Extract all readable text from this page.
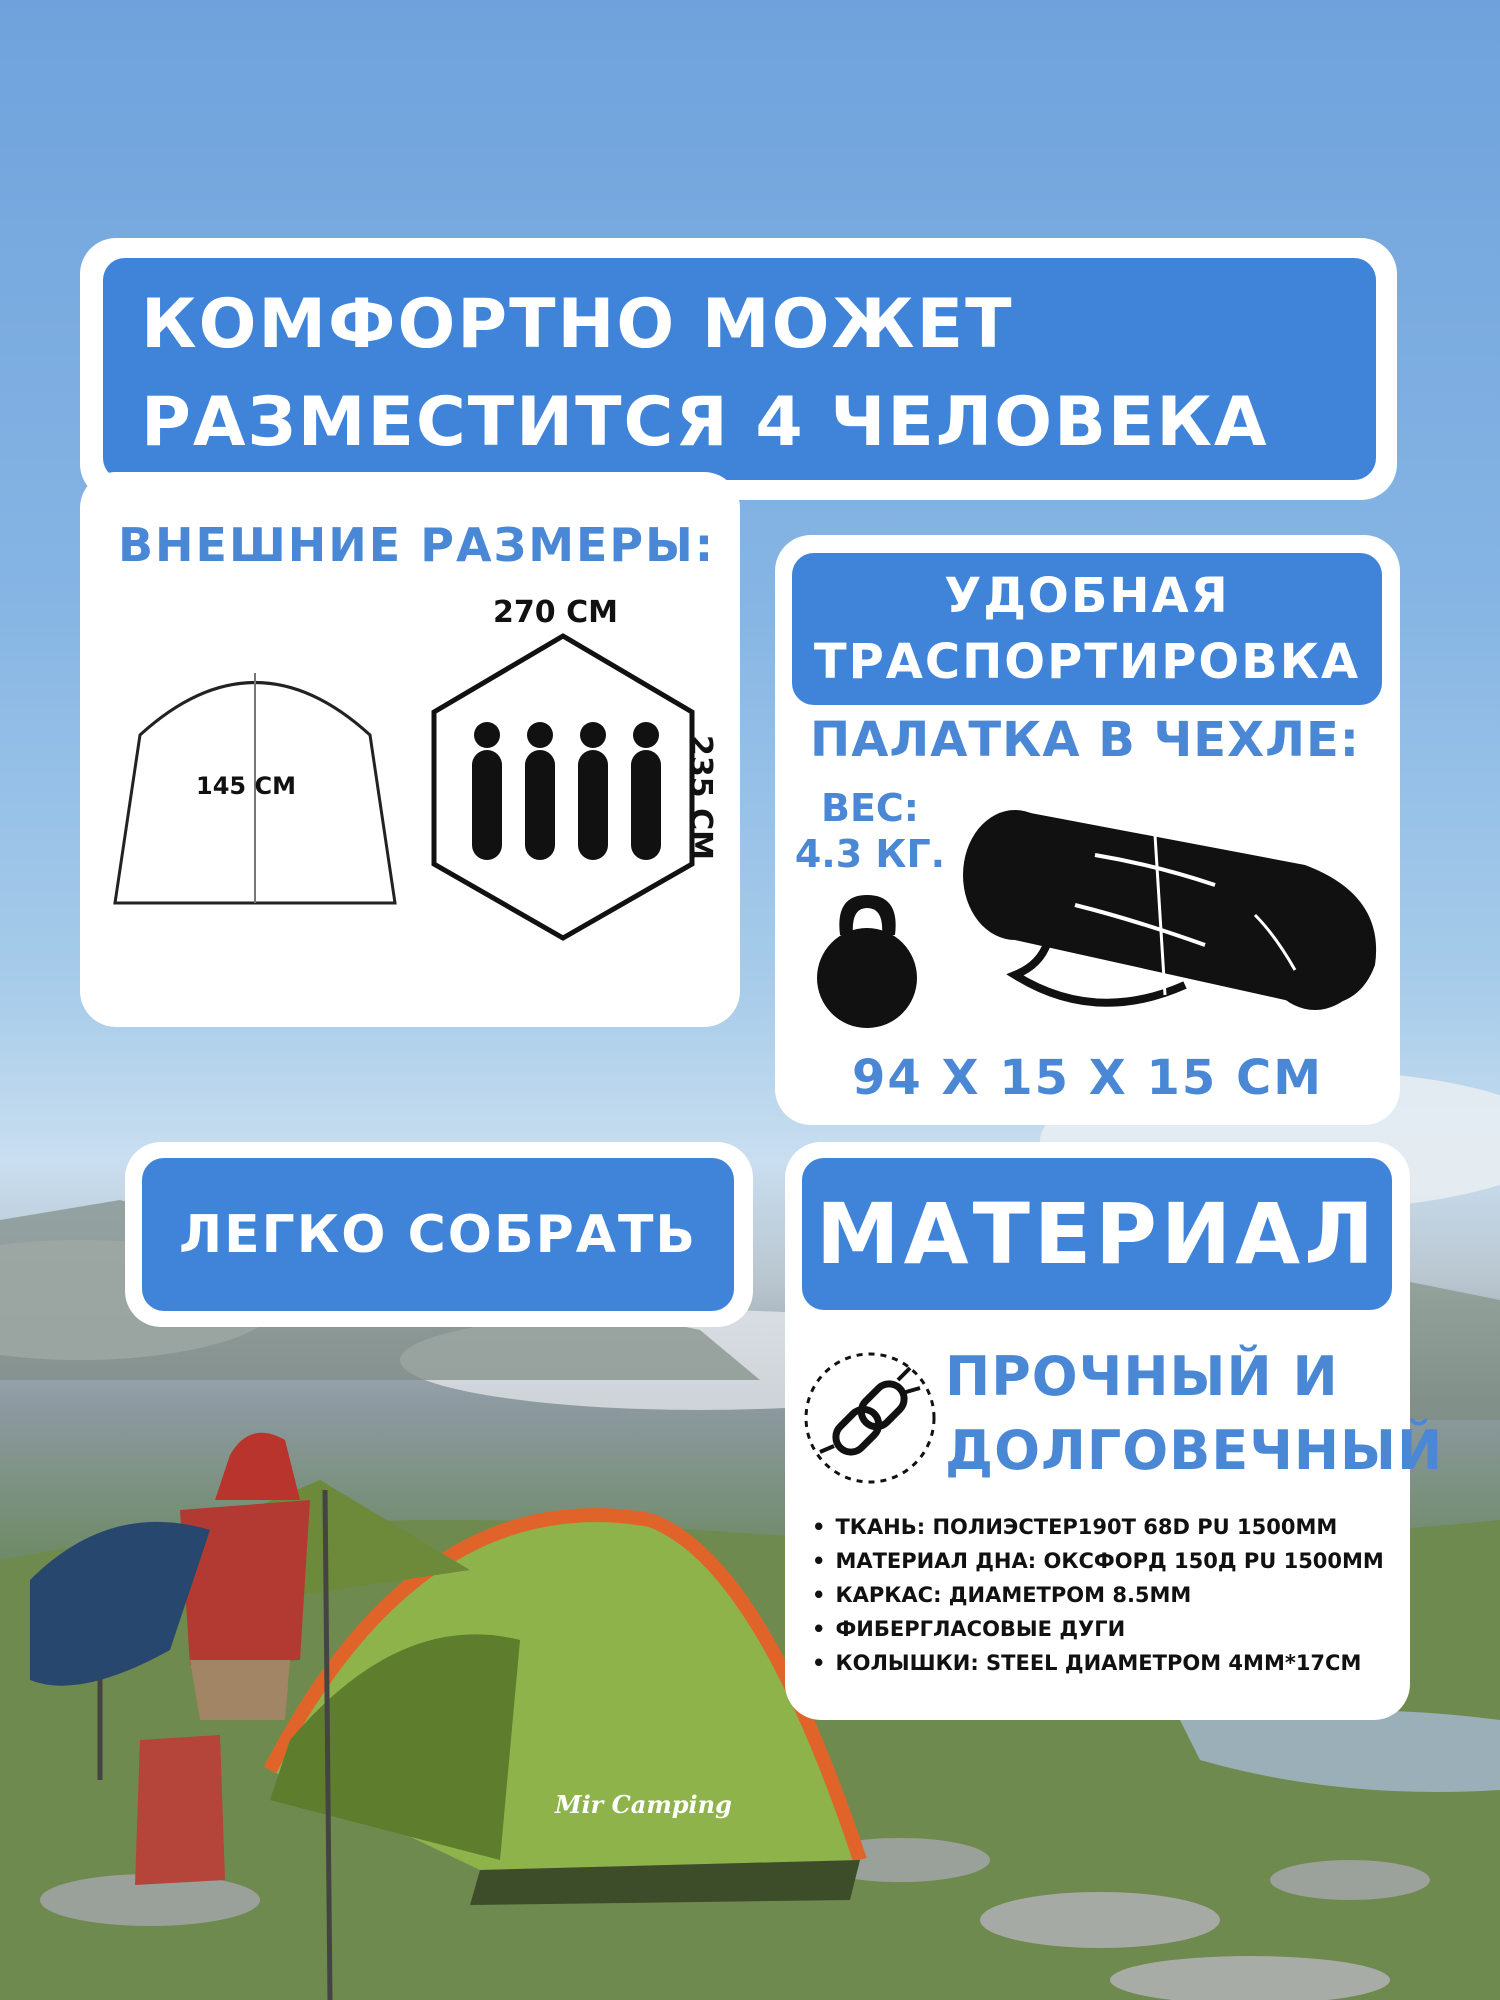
Mir Camping
КОМФОРТНО МОЖЕТ
РАЗМЕСТИТСЯ 4 ЧЕЛОВЕКА
ВНЕШНИЕ РАЗМЕРЫ:
145 СМ
270 СМ
235 СМ
УДОБНАЯ
ТРАСПОРТИРОВКА
ПАЛАТКА В ЧЕХЛЕ:
ВЕС:
4.3 КГ.
94 X 15 X 15 СМ
ЛЕГКО СОБРАТЬ МАТЕРИАЛ
ПРОЧНЫЙ И
ДОЛГОВЕЧНЫЙ
• ТКАНЬ: ПОЛИЭСТЕР190Т 68D PU 1500ММ
• МАТЕРИАЛ ДНА: ОКСФОРД 150Д PU 1500ММ
• КАРКАС: ДИАМЕТРОМ 8.5ММ
• ФИБЕРГЛАСОВЫЕ ДУГИ
• КОЛЫШКИ: STEEL ДИАМЕТРОМ 4ММ*17СМ
